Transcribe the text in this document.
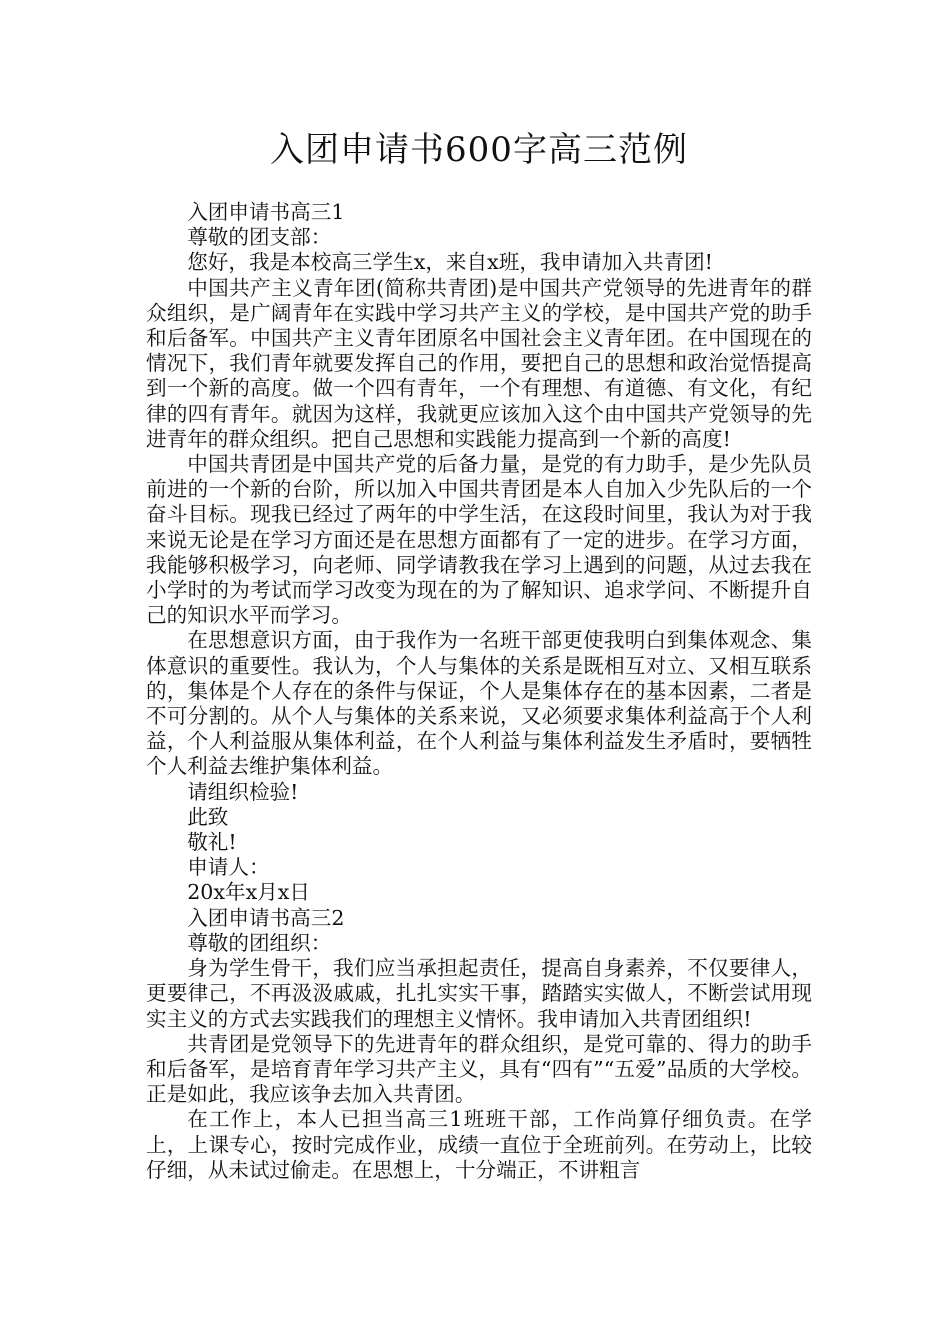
入团申请书600字高三范例

入团申请书高三1

尊敬的团支部：

您好，我是本校高三学生x，来自x班，我申请加入共青团!

中国共产主义青年团(简称共青团)是中国共产党领导的先进青年的群众组织，是广阔青年在实践中学习共产主义的学校，是中国共产党的助手和后备军。中国共产主义青年团原名中国社会主义青年团。在中国现在的情况下，我们青年就要发挥自己的作用，要把自己的思想和政治觉悟提高到一个新的高度。做一个四有青年，一个有理想、有道德、有文化，有纪律的四有青年。就因为这样，我就更应该加入这个由中国共产党领导的先进青年的群众组织。把自己思想和实践能力提高到一个新的高度!

中国共青团是中国共产党的后备力量，是党的有力助手，是少先队员前进的一个新的台阶，所以加入中国共青团是本人自加入少先队后的一个奋斗目标。现我已经过了两年的中学生活，在这段时间里，我认为对于我来说无论是在学习方面还是在思想方面都有了一定的进步。在学习方面，我能够积极学习，向老师、同学请教我在学习上遇到的问题，从过去我在小学时的为考试而学习改变为现在的为了解知识、追求学问、不断提升自己的知识水平而学习。

在思想意识方面，由于我作为一名班干部更使我明白到集体观念、集体意识的重要性。我认为，个人与集体的关系是既相互对立、又相互联系的，集体是个人存在的条件与保证，个人是集体存在的基本因素，二者是不可分割的。从个人与集体的关系来说，又必须要求集体利益高于个人利益，个人利益服从集体利益，在个人利益与集体利益发生矛盾时，要牺牲个人利益去维护集体利益。

请组织检验!

此致

敬礼!

申请人：

20x年x月x日

入团申请书高三2

尊敬的团组织：

身为学生骨干，我们应当承担起责任，提高自身素养，不仅要律人，更要律己，不再汲汲戚戚，扎扎实实干事，踏踏实实做人，不断尝试用现实主义的方式去实践我们的理想主义情怀。我申请加入共青团组织!

共青团是党领导下的先进青年的群众组织，是党可靠的、得力的助手和后备军，是培育青年学习共产主义，具有“四有”“五爱”品质的大学校。正是如此，我应该争去加入共青团。

在工作上，本人已担当高三1班班干部，工作尚算仔细负责。在学上，上课专心，按时完成作业，成绩一直位于全班前列。在劳动上，比较仔细，从未试过偷走。在思想上，十分端正，不讲粗言
